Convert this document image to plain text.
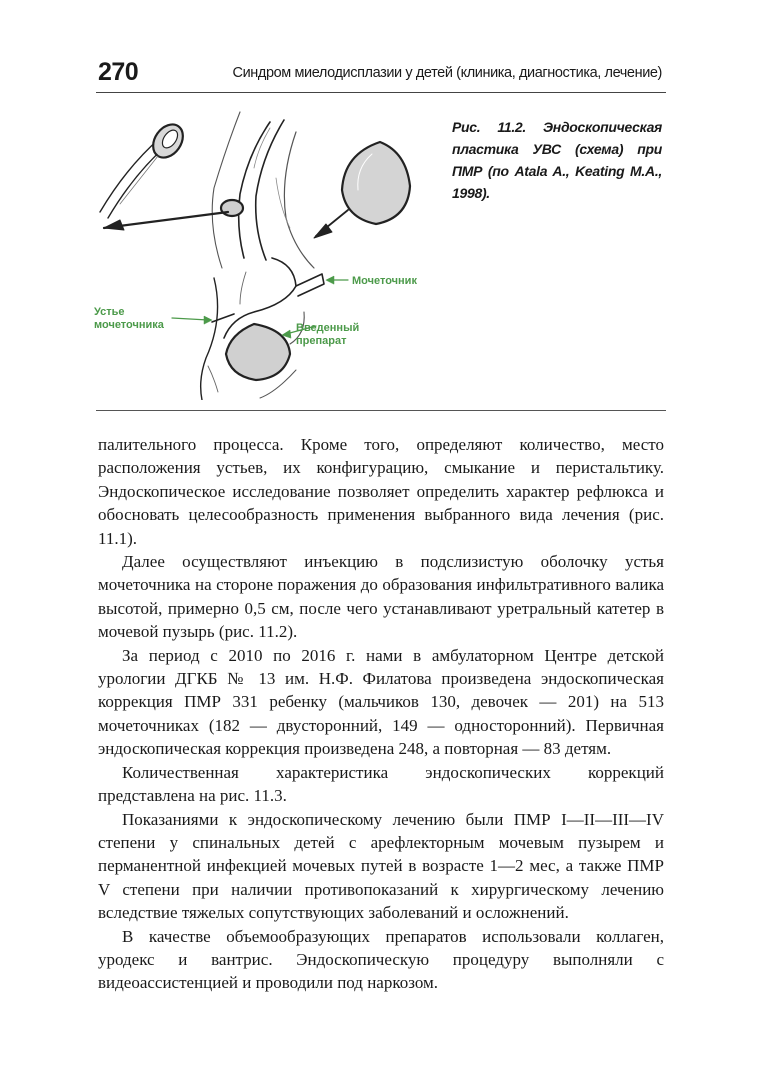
270	Синдром миелодисплазии у детей (клиника, диагностика, лечение)
Мочеточник
Устье
мочеточника	Введенный
препарат

Рис. 11.2. Эндоскопическая пластика УВС (схема) при ПМР (по Atala A., Keating M.A., 1998).

палительного процесса. Кроме того, определяют количество, место расположения устьев, их конфигурацию, смыкание и перистальтику. Эндоскопическое исследование позволяет определить характер рефлюкса и обосновать целесообразность применения выбранного вида лечения (рис. 11.1).

Далее осуществляют инъекцию в подслизистую оболочку устья мочеточника на стороне поражения до образования инфильтративного валика высотой, примерно 0,5 см, после чего устанавливают уретральный катетер в мочевой пузырь (рис. 11.2).

За период с 2010 по 2016 г. нами в амбулаторном Центре детской урологии ДГКБ № 13 им. Н.Ф. Филатова произведена эндоскопическая коррекция ПМР 331 ребенку (мальчиков 130, девочек — 201) на 513 мочеточниках (182 — двусторонний, 149 — односторонний). Первичная эндоскопическая коррекция произведена 248, а повторная — 83 детям.

Количественная характеристика эндоскопических коррекций представлена на рис. 11.3.

Показаниями к эндоскопическому лечению были ПМР I—II—III—IV степени у спинальных детей с арефлекторным мочевым пузырем и перманентной инфекцией мочевых путей в возрасте 1—2 мес, а также ПМР V степени при наличии противопоказаний к хирургическому лечению вследствие тяжелых сопутствующих заболеваний и осложнений.

В качестве объемообразующих препаратов использовали коллаген, уродекс и вантрис. Эндоскопическую процедуру выполняли с видеоассистенцией и проводили под наркозом.
